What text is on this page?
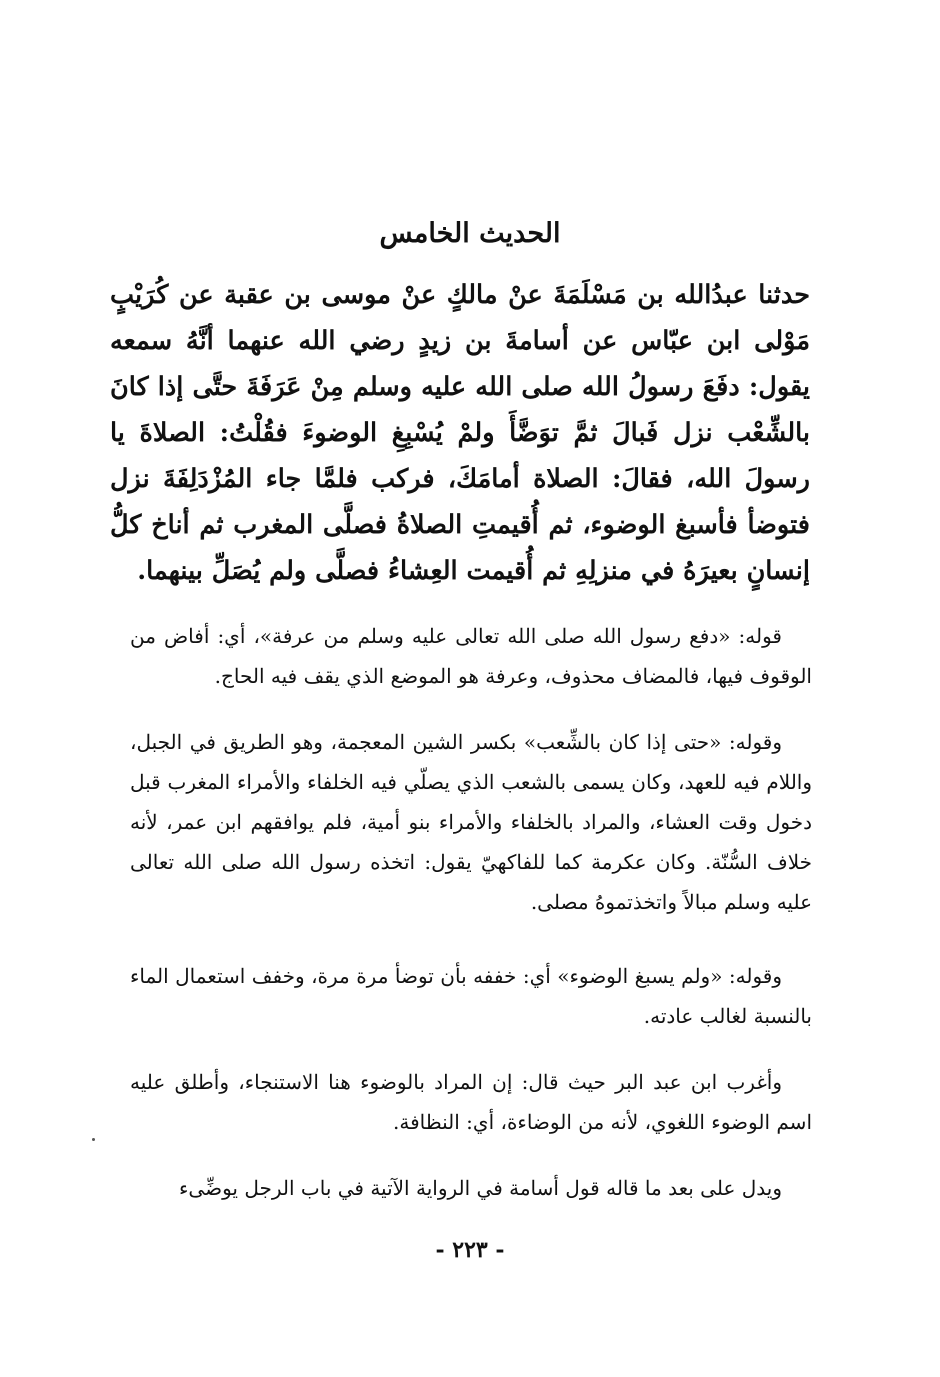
الحديث الخامس
حدثنا عبدُالله بن مَسْلَمَةَ عنْ مالكٍ عنْ موسى بن عقبة عن كُرَيْبٍ مَوْلى ابن عبّاس عن أسامةَ بن زيدٍ رضي الله عنهما أنَّهُ سمعه يقول: دفَعَ رسولُ الله صلى الله عليه وسلم مِنْ عَرَفَةَ حتَّى إذا كانَ بالشِّعْب نزل فَبالَ ثمَّ توَضَّأَ ولمْ يُسْبِغِ الوضوءَ فقُلْتُ: الصلاةَ يا رسولَ الله، فقالَ: الصلاة أمامَكَ، فركب فلمَّا جاء المُزْدَلِفَةَ نزل فتوضأ فأسبغ الوضوء، ثم أُقيمتِ الصلاةُ فصلَّى المغرب ثم أناخ كلُّ إنسانٍ بعيرَهُ في منزلِهِ ثم أُقيمت العِشاءُ فصلَّى ولم يُصَلِّ بينهما.

قوله: «دفع رسول الله صلى الله تعالى عليه وسلم من عرفة»، أي: أفاض من الوقوف فيها، فالمضاف محذوف، وعرفة هو الموضع الذي يقف فيه الحاج.

وقوله: «حتى إذا كان بالشِّعب» بكسر الشين المعجمة، وهو الطريق في الجبل، واللام فيه للعهد، وكان يسمى بالشعب الذي يصلّي فيه الخلفاء والأمراء المغرب قبل دخول وقت العشاء، والمراد بالخلفاء والأمراء بنو أمية، فلم يوافقهم ابن عمر، لأنه خلاف السُّنّة. وكان عكرمة كما للفاكهيّ يقول: اتخذه رسول الله صلى الله تعالى عليه وسلم مبالاً واتخذتموهُ مصلى.

وقوله: «ولم يسبغ الوضوء» أي: خففه بأن توضأ مرة مرة، وخفف استعمال الماء بالنسبة لغالب عادته.

وأغرب ابن عبد البر حيث قال: إن المراد بالوضوء هنا الاستنجاء، وأطلق عليه اسم الوضوء اللغوي، لأنه من الوضاءة، أي: النظافة.

ويدل على بعد ما قاله قول أسامة في الرواية الآتية في باب الرجل يوضِّىء

- ٢٢٣ -
